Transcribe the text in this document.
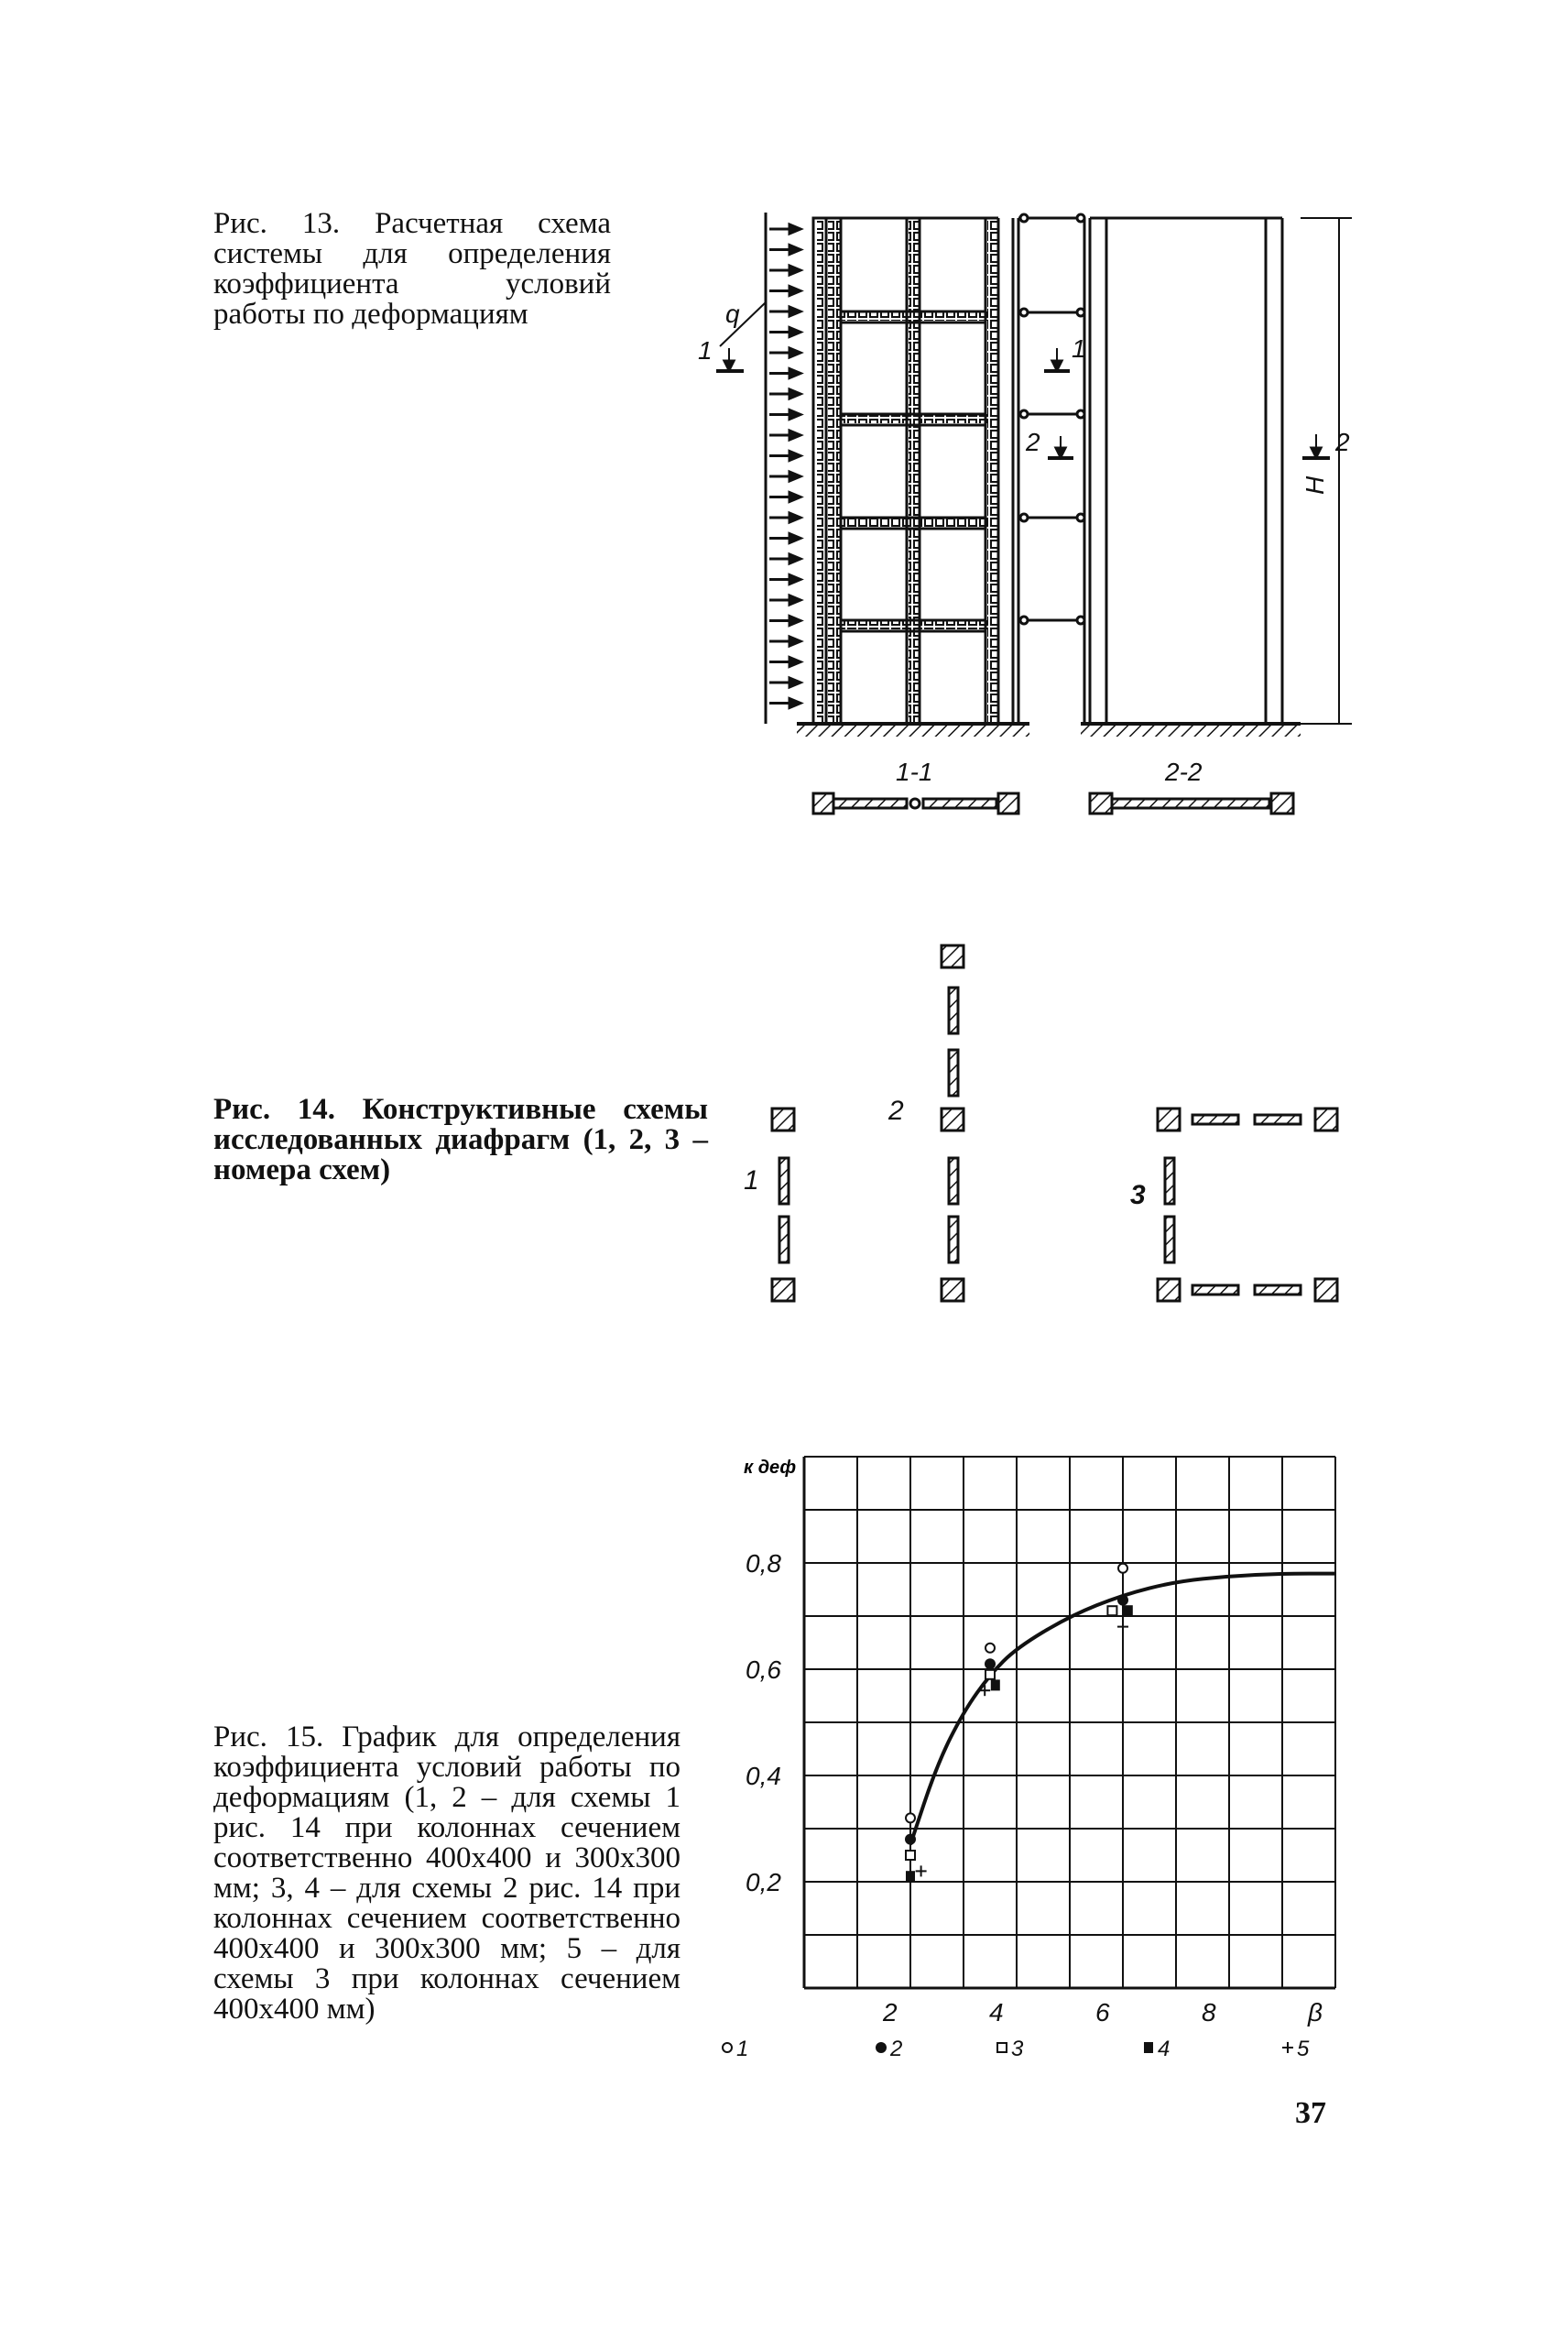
Рис. 13. Расчетная схема системы для определения коэффициента условий работы по деформациям
Рис. 14. Конструктивные схемы исследованных диафрагм (1, 2, 3 – номера схем)
Рис. 15. График для определения коэффициента условий работы по деформациям (1, 2 – для схемы 1 рис. 14 при колоннах сечением соответственно 400х400 и 300х300 мм; 3, 4 – для схемы 2 рис. 14 при колоннах сечением соответственно 400х400 и 300х300 мм; 5 – для схемы 3 при колоннах сечением 400х400 мм)
q
1	1
2	2
H
1-1	2-2
1
2
3
2	4	6	8	β
0,2
0,4
0,6
0,8
1	2	3	4	5
к деф
37
